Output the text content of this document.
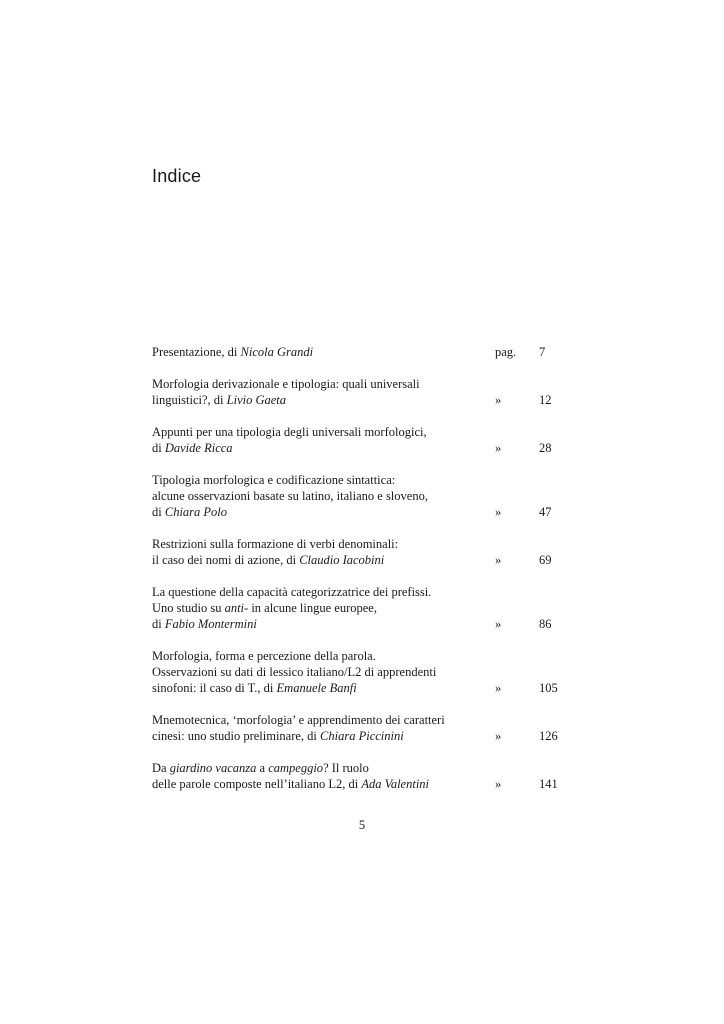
Indice
Presentazione, di Nicola Grandi	pag. 7
Morfologia derivazionale e tipologia: quali universali
linguistici?, di Livio Gaeta	»	12
Appunti per una tipologia degli universali morfologici,
di Davide Ricca	»	28
Tipologia morfologica e codificazione sintattica:
alcune osservazioni basate su latino, italiano e sloveno,
di Chiara Polo	»	47
Restrizioni sulla formazione di verbi denominali:
il caso dei nomi di azione, di Claudio Iacobini	»	69
La questione della capacità categorizzatrice dei prefissi.
Uno studio su anti- in alcune lingue europee,
di Fabio Montermini	»	86
Morfologia, forma e percezione della parola.
Osservazioni su dati di lessico italiano/L2 di apprendenti
sinofoni: il caso di T., di Emanuele Banfi	»	105
Mnemotecnica, ‘morfologia’ e apprendimento dei caratteri
cinesi: uno studio preliminare, di Chiara Piccinini	»	126
Da giardino vacanza a campeggio? Il ruolo
delle parole composte nell’italiano L2, di Ada Valentini	»	141
5
